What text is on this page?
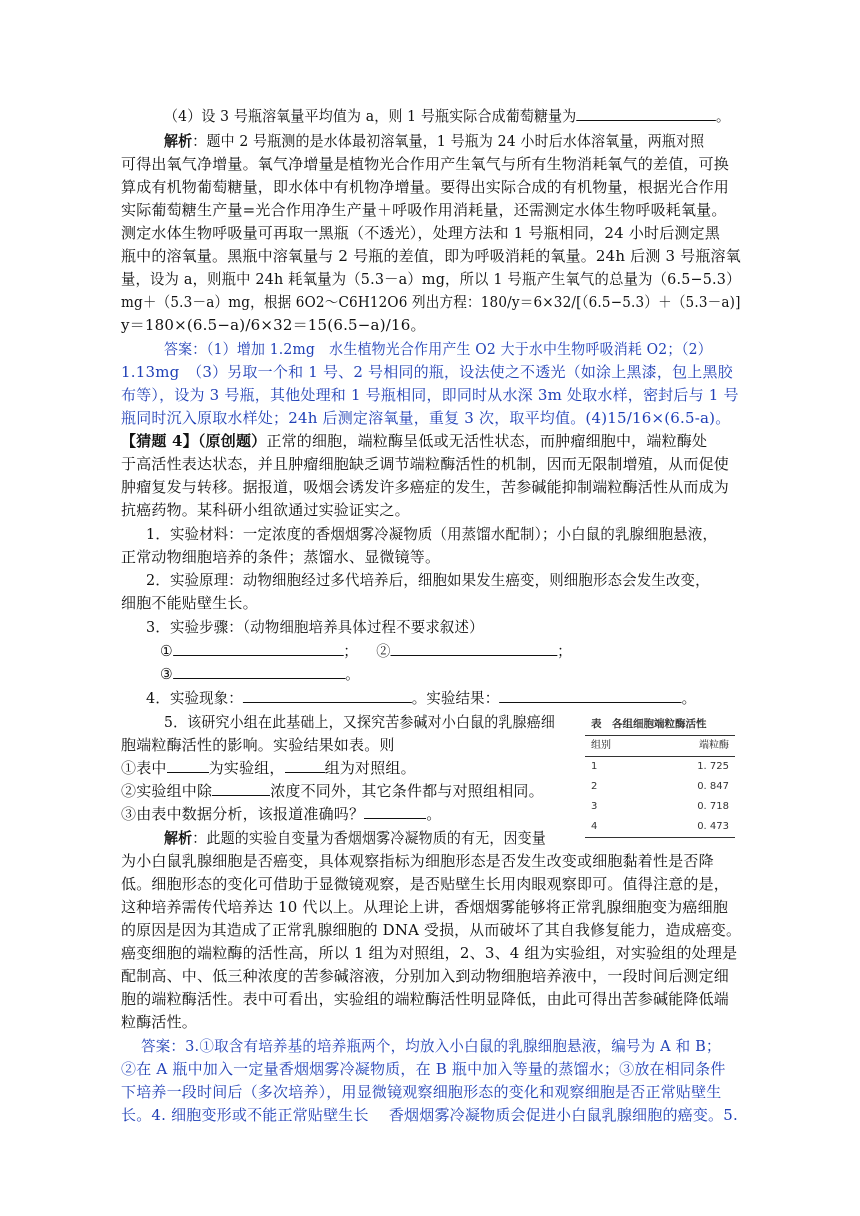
（4）设 3 号瓶溶氧量平均值为 a，则 1 号瓶实际合成葡萄糖量为	。
解析：题中 2 号瓶测的是水体最初溶氧量，1 号瓶为 24 小时后水体溶氧量，两瓶对照
可得出氧气净增量。氧气净增量是植物光合作用产生氧气与所有生物消耗氧气的差值，可换
算成有机物葡萄糖量，即水体中有机物净增量。要得出实际合成的有机物量，根据光合作用
实际葡萄糖生产量=光合作用净生产量＋呼吸作用消耗量，还需测定水体生物呼吸耗氧量。
测定水体生物呼吸量可再取一黑瓶（不透光），处理方法和 1 号瓶相同，24 小时后测定黑
瓶中的溶氧量。黑瓶中溶氧量与 2 号瓶的差值，即为呼吸消耗的氧量。24h 后测 3 号瓶溶氧
量，设为 a，则瓶中 24h 耗氧量为（5.3－a）mg，所以 1 号瓶产生氧气的总量为（6.5−5.3）
mg＋（5.3－a）mg，根据 6O2～C6H12O6 列出方程：180/y＝6×32/[（6.5−5.3）＋（5.3－a)]
y＝180×(6.5−a)/6×32＝15(6.5−a)/16。
答案：（1）增加 1.2mg　水生植物光合作用产生 O2 大于水中生物呼吸消耗 O2；（2）
1.13mg　（3）另取一个和 1 号、2 号相同的瓶，设法使之不透光（如涂上黑漆，包上黑胶
布等），设为 3 号瓶，其他处理和 1 号瓶相同，即同时从水深 3m 处取水样，密封后与 1 号
瓶同时沉入原取水样处；24h 后测定溶氧量，重复 3 次，取平均值。(4)15/16×(6.5-a)。
【猜题 4】（原创题）正常的细胞，端粒酶呈低或无活性状态，而肿瘤细胞中，端粒酶处
于高活性表达状态，并且肿瘤细胞缺乏调节端粒酶活性的机制，因而无限制增殖，从而促使
肿瘤复发与转移。据报道，吸烟会诱发许多癌症的发生，苦参碱能抑制端粒酶活性从而成为
抗癌药物。某科研小组欲通过实验证实之。
1．实验材料：一定浓度的香烟烟雾冷凝物质（用蒸馏水配制）；小白鼠的乳腺细胞悬液，
正常动物细胞培养的条件；蒸馏水、显微镜等。
2．实验原理：动物细胞经过多代培养后，细胞如果发生癌变，则细胞形态会发生改变，
细胞不能贴壁生长。
3．实验步骤：（动物细胞培养具体过程不要求叙述）
①	； ②	；
③	。
4．实验现象：	。实验结果：	。
5．该研究小组在此基础上，又探究苦参碱对小白鼠的乳腺癌细
胞端粒酶活性的影响。实验结果如表。则
①表中	为实验组，	组为对照组。
②实验组中除	浓度不同外，其它条件都与对照组相同。
③由表中数据分析，该报道准确吗？	。
表　各组细胞端粒酶活性
组别	端粒酶
1	1. 725
2	0. 847
3	0. 718
4	0. 473
解析：此题的实验自变量为香烟烟雾冷凝物质的有无，因变量
为小白鼠乳腺细胞是否癌变，具体观察指标为细胞形态是否发生改变或细胞黏着性是否降
低。细胞形态的变化可借助于显微镜观察，是否贴壁生长用肉眼观察即可。值得注意的是，
这种培养需传代培养达 10 代以上。从理论上讲，香烟烟雾能够将正常乳腺细胞变为癌细胞
的原因是因为其造成了正常乳腺细胞的 DNA 受损，从而破坏了其自我修复能力，造成癌变。
癌变细胞的端粒酶的活性高，所以 1 组为对照组，2、3、4 组为实验组，对实验组的处理是
配制高、中、低三种浓度的苦参碱溶液，分别加入到动物细胞培养液中，一段时间后测定细
胞的端粒酶活性。表中可看出，实验组的端粒酶活性明显降低，由此可得出苦参碱能降低端
粒酶活性。
答案：3.①取含有培养基的培养瓶两个，均放入小白鼠的乳腺细胞悬液，编号为 A 和 B；
②在 A 瓶中加入一定量香烟烟雾冷凝物质，在 B 瓶中加入等量的蒸馏水；③放在相同条件
下培养一段时间后（多次培养），用显微镜观察细胞形态的变化和观察细胞是否正常贴壁生
长。4. 细胞变形或不能正常贴壁生长　 香烟烟雾冷凝物质会促进小白鼠乳腺细胞的癌变。5.
